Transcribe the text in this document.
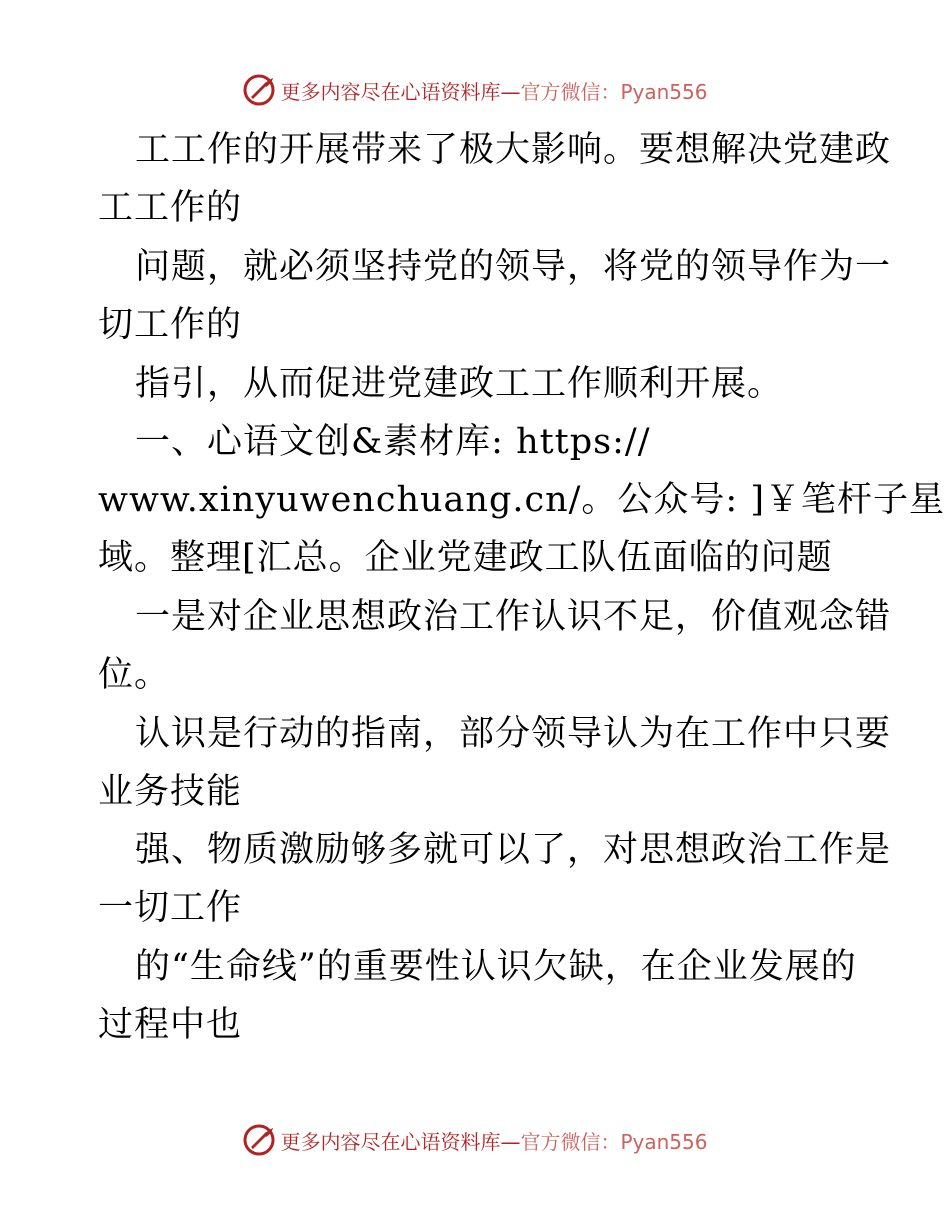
更多内容尽在心语资料库—官方微信：Pyan556
工工作的开展带来了极大影响。要想解决党建政
工工作的
问题，就必须坚持党的领导，将党的领导作为一
切工作的
指引，从而促进党建政工工作顺利开展。
一、心语文创&素材库: https://
www.xinyuwenchuang.cn/。公众号: ]￥笔杆子星
域。整理[汇总。企业党建政工队伍面临的问题
一是对企业思想政治工作认识不足，价值观念错
位。
认识是行动的指南，部分领导认为在工作中只要
业务技能
强、物质激励够多就可以了，对思想政治工作是
一切工作
的“生命线”的重要性认识欠缺，在企业发展的
过程中也
更多内容尽在心语资料库—官方微信：Pyan556
